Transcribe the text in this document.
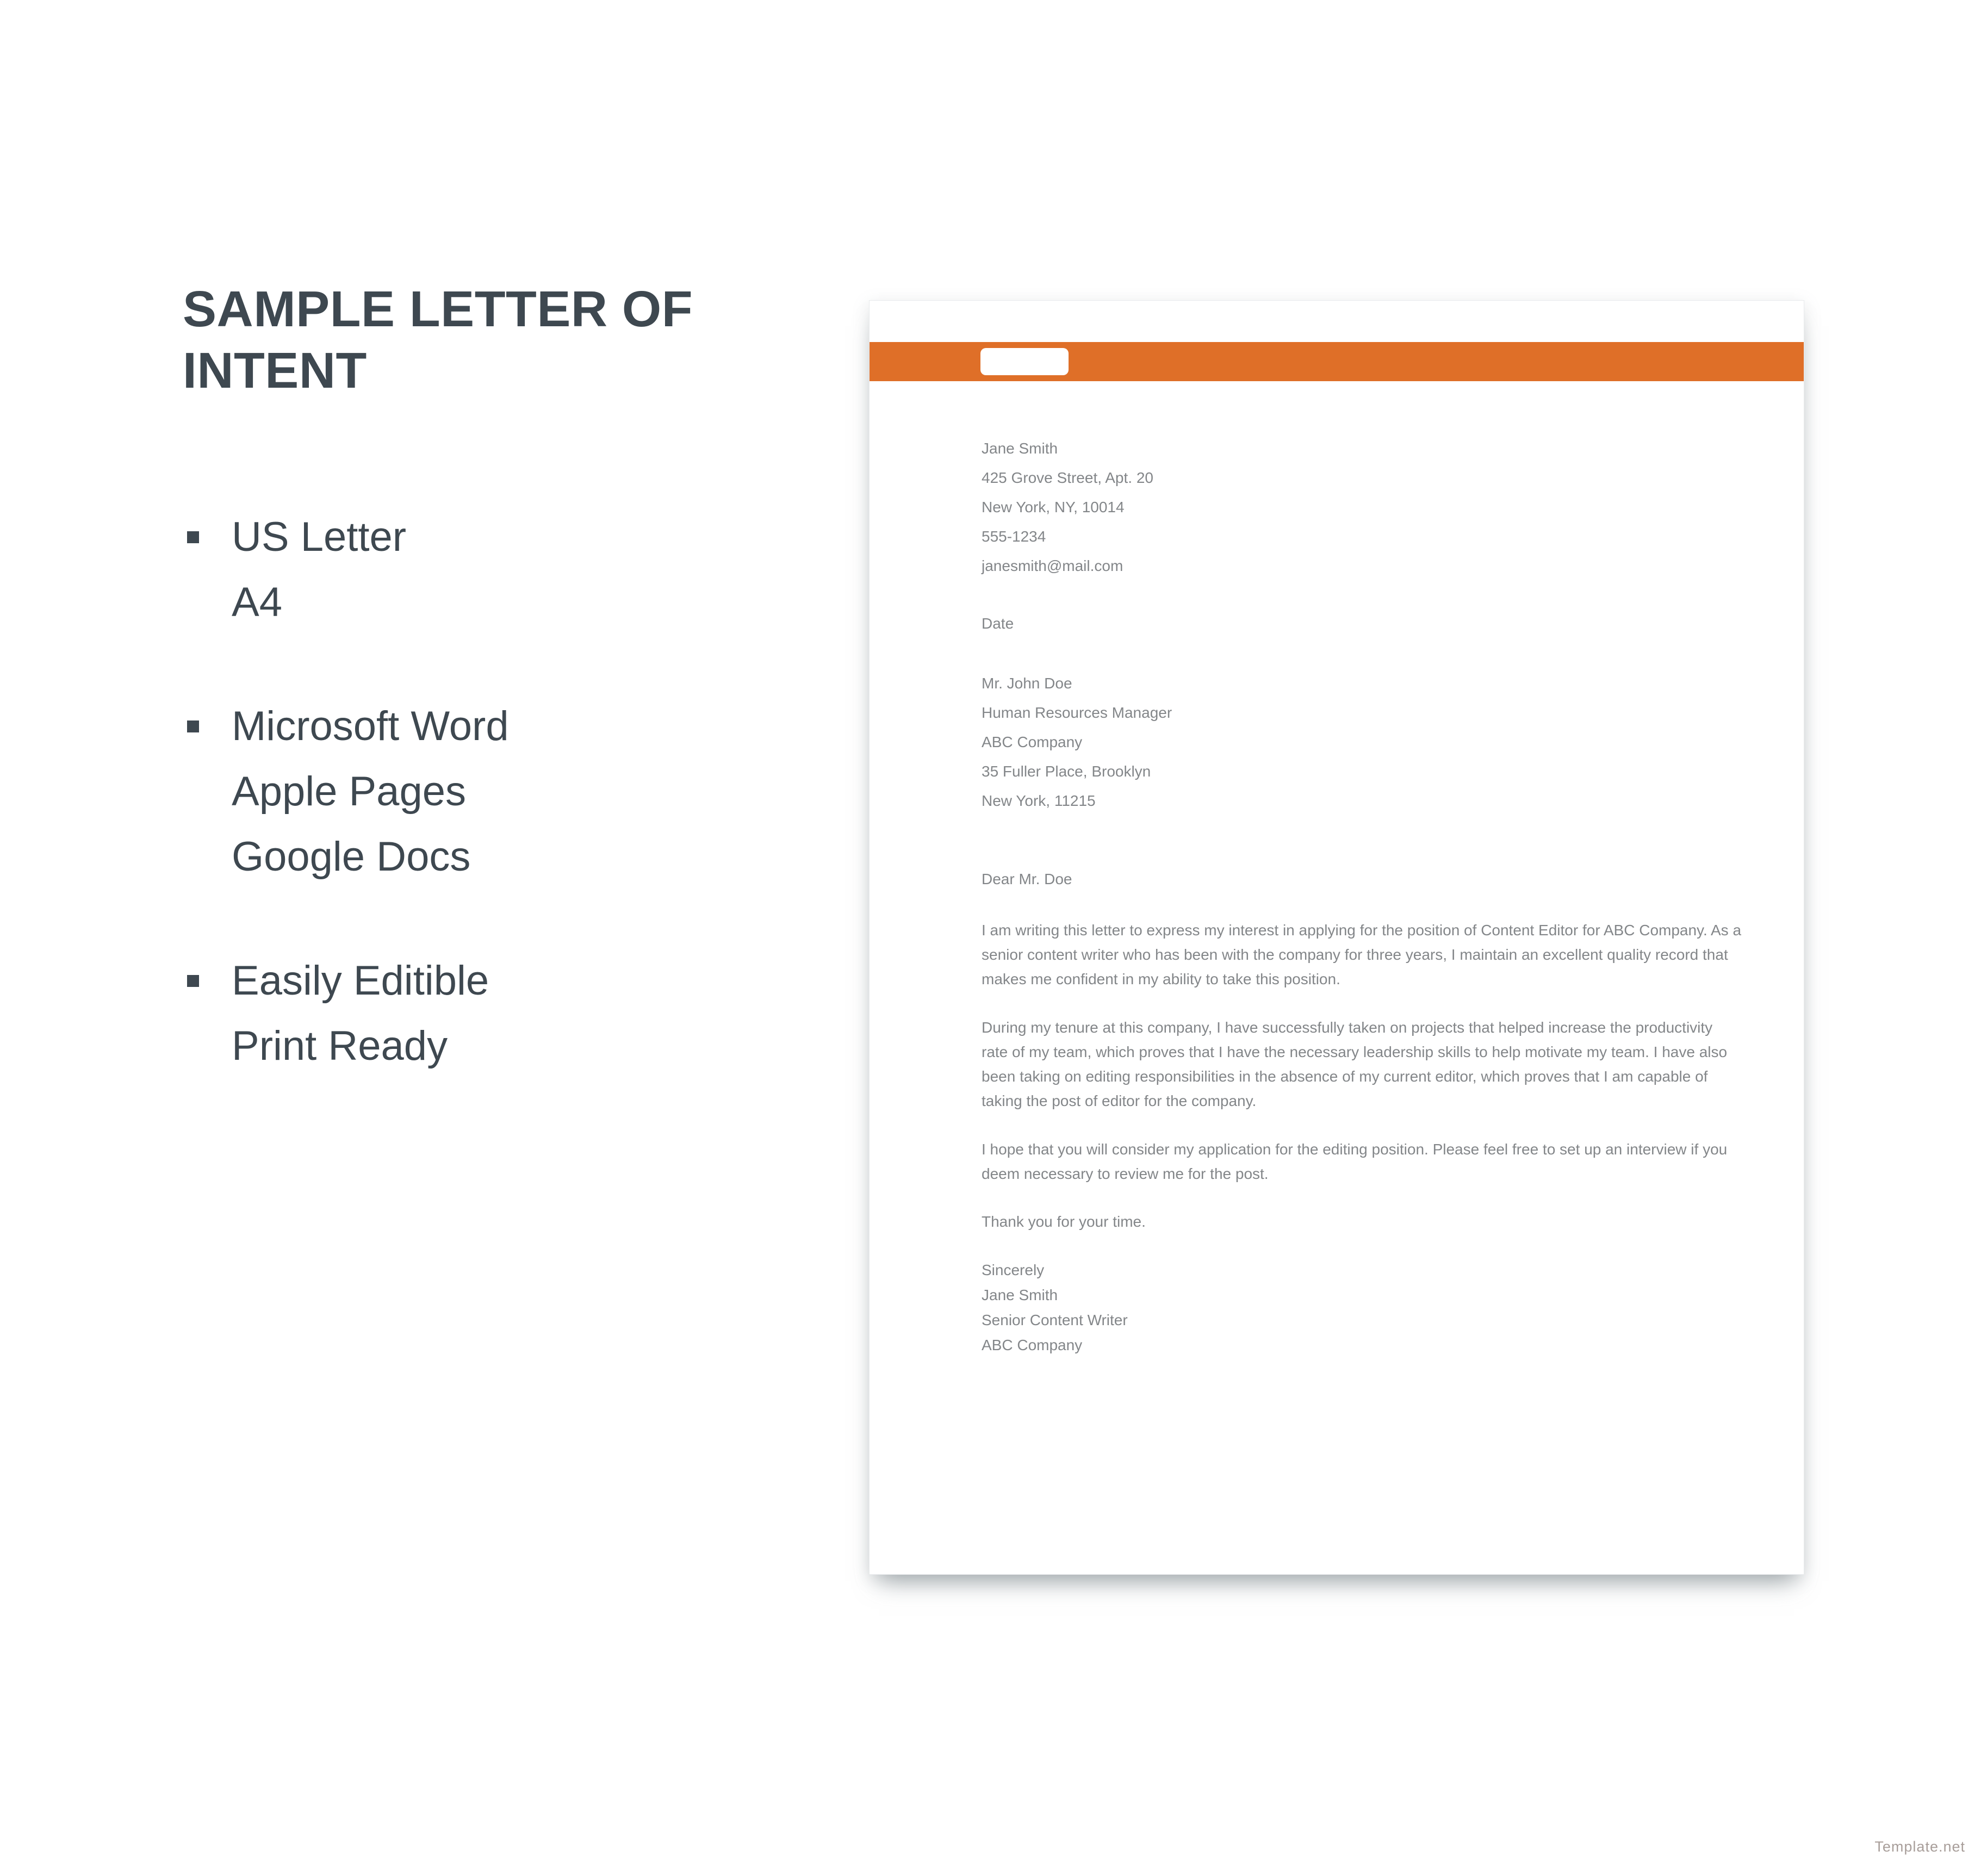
SAMPLE LETTER OF INTENT
US Letter
A4
Microsoft Word
Apple Pages
Google Docs
Easily Editible
Print Ready
Jane Smith
425 Grove Street, Apt. 20
New York, NY, 10014
555-1234
janesmith@mail.com
Date
Mr. John Doe
Human Resources Manager
ABC Company
35 Fuller Place, Brooklyn
New York, 11215
Dear Mr. Doe

I am writing this letter to express my interest in applying for the position of Content Editor for ABC Company. As a senior content writer who has been with the company for three years, I maintain an excellent quality record that makes me confident in my ability to take this position.

During my tenure at this company, I have successfully taken on projects that helped increase the productivity rate of my team, which proves that I have the necessary leadership skills to help motivate my team. I have also been taking on editing responsibilities in the absence of my current editor, which proves that I am capable of taking the post of editor for the company.

I hope that you will consider my application for the editing position. Please feel free to set up an interview if you deem necessary to review me for the post.

Thank you for your time.
Sincerely
Jane Smith
Senior Content Writer
ABC Company
Template.net
